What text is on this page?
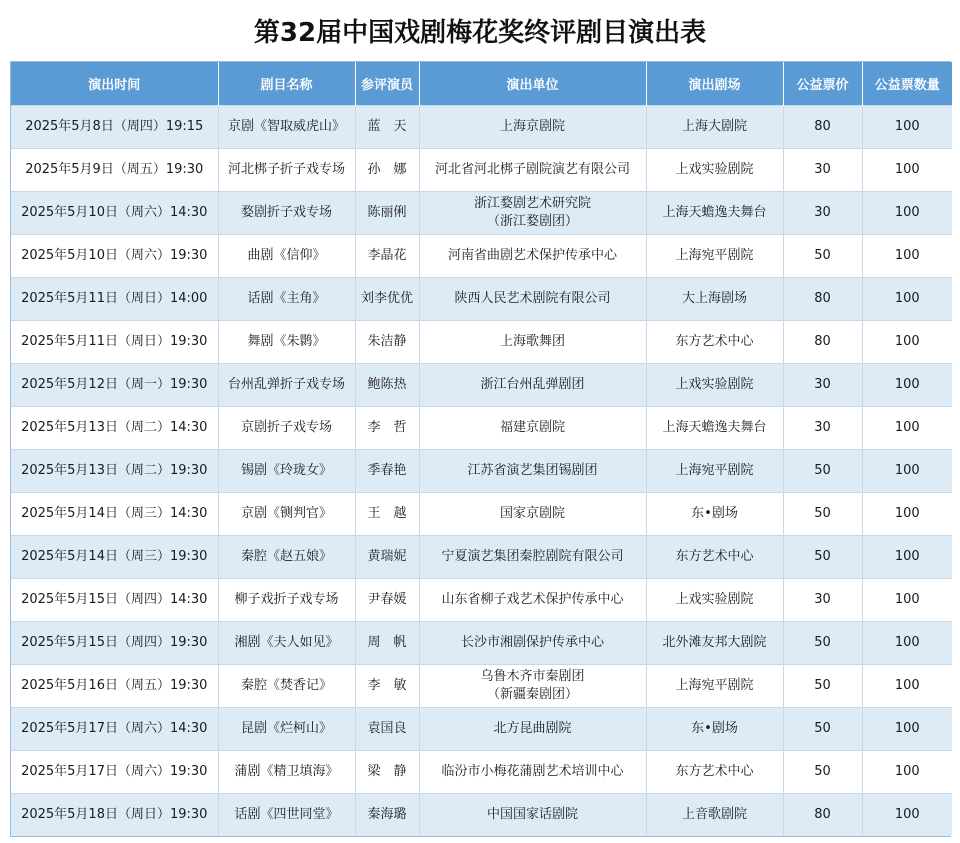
第32届中国戏剧梅花奖终评剧目演出表
演出时间	剧目名称	参评演员	演出单位	演出剧场	公益票价	公益票数量
2025年5月8日（周四）19:15	京剧《智取威虎山》	蓝　天	上海京剧院	上海大剧院	80	100
2025年5月9日（周五）19:30	河北梆子折子戏专场	孙　娜	河北省河北梆子剧院演艺有限公司	上戏实验剧院	30	100
2025年5月10日（周六）14:30	婺剧折子戏专场	陈丽俐	浙江婺剧艺术研究院
（浙江婺剧团）	上海天蟾逸夫舞台	30	100
2025年5月10日（周六）19:30	曲剧《信仰》	李晶花	河南省曲剧艺术保护传承中心	上海宛平剧院	50	100
2025年5月11日（周日）14:00	话剧《主角》	刘李优优	陕西人民艺术剧院有限公司	大上海剧场	80	100
2025年5月11日（周日）19:30	舞剧《朱鹮》	朱洁静	上海歌舞团	东方艺术中心	80	100
2025年5月12日（周一）19:30	台州乱弹折子戏专场	鲍陈热	浙江台州乱弹剧团	上戏实验剧院	30	100
2025年5月13日（周二）14:30	京剧折子戏专场	李　哲	福建京剧院	上海天蟾逸夫舞台	30	100
2025年5月13日（周二）19:30	锡剧《玲珑女》	季春艳	江苏省演艺集团锡剧团	上海宛平剧院	50	100
2025年5月14日（周三）14:30	京剧《铡判官》	王　越	国家京剧院	东•剧场	50	100
2025年5月14日（周三）19:30	秦腔《赵五娘》	黄瑞妮	宁夏演艺集团秦腔剧院有限公司	东方艺术中心	50	100
2025年5月15日（周四）14:30	柳子戏折子戏专场	尹春媛	山东省柳子戏艺术保护传承中心	上戏实验剧院	30	100
2025年5月15日（周四）19:30	湘剧《夫人如见》	周　帆	长沙市湘剧保护传承中心	北外滩友邦大剧院	50	100
2025年5月16日（周五）19:30	秦腔《焚香记》	李　敏	乌鲁木齐市秦剧团
（新疆秦剧团）	上海宛平剧院	50	100
2025年5月17日（周六）14:30	昆剧《烂柯山》	袁国良	北方昆曲剧院	东•剧场	50	100
2025年5月17日（周六）19:30	蒲剧《精卫填海》	梁　静	临汾市小梅花蒲剧艺术培训中心	东方艺术中心	50	100
2025年5月18日（周日）19:30	话剧《四世同堂》	秦海璐	中国国家话剧院	上音歌剧院	80	100
